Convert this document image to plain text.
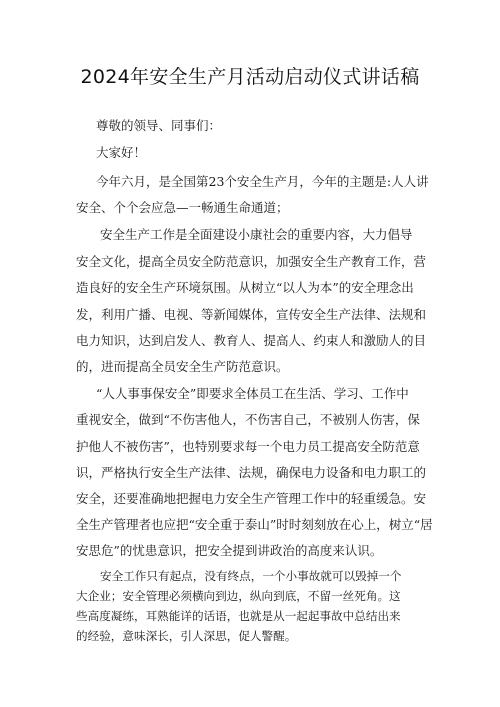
2024年安全生产月活动启动仪式讲话稿
尊敬的领导、同事们：
大家好！
今年六月，是全国第23个安全生产月，今年的主题是:人人讲
安全、个个会应急—一畅通生命通道；
安全生产工作是全面建设小康社会的重要内容，大力倡导
安全文化，提高全员安全防范意识，加强安全生产教育工作，营
造良好的安全生产环境氛围。从树立“以人为本”的安全理念出
发，利用广播、电视、等新闻媒体，宣传安全生产法律、法规和
电力知识，达到启发人、教育人、提高人、约束人和激励人的目
的，进而提高全员安全生产防范意识。
“人人事事保安全”即要求全体员工在生活、学习、工作中
重视安全，做到“不伤害他人，不伤害自己，不被别人伤害，保
护他人不被伤害”，也特别要求每一个电力员工提高安全防范意
识，严格执行安全生产法律、法规，确保电力设备和电力职工的
安全，还要准确地把握电力安全生产管理工作中的轻重缓急。安
全生产管理者也应把“安全重于泰山”时时刻刻放在心上，树立“居
安思危”的忧患意识，把安全提到讲政治的高度来认识。
安全工作只有起点，没有终点，一个小事故就可以毁掉一个
大企业；安全管理必须横向到边，纵向到底，不留一丝死角。这
些高度凝练，耳熟能详的话语，也就是从一起起事故中总结出来
的经验，意味深长，引人深思，促人警醒。
